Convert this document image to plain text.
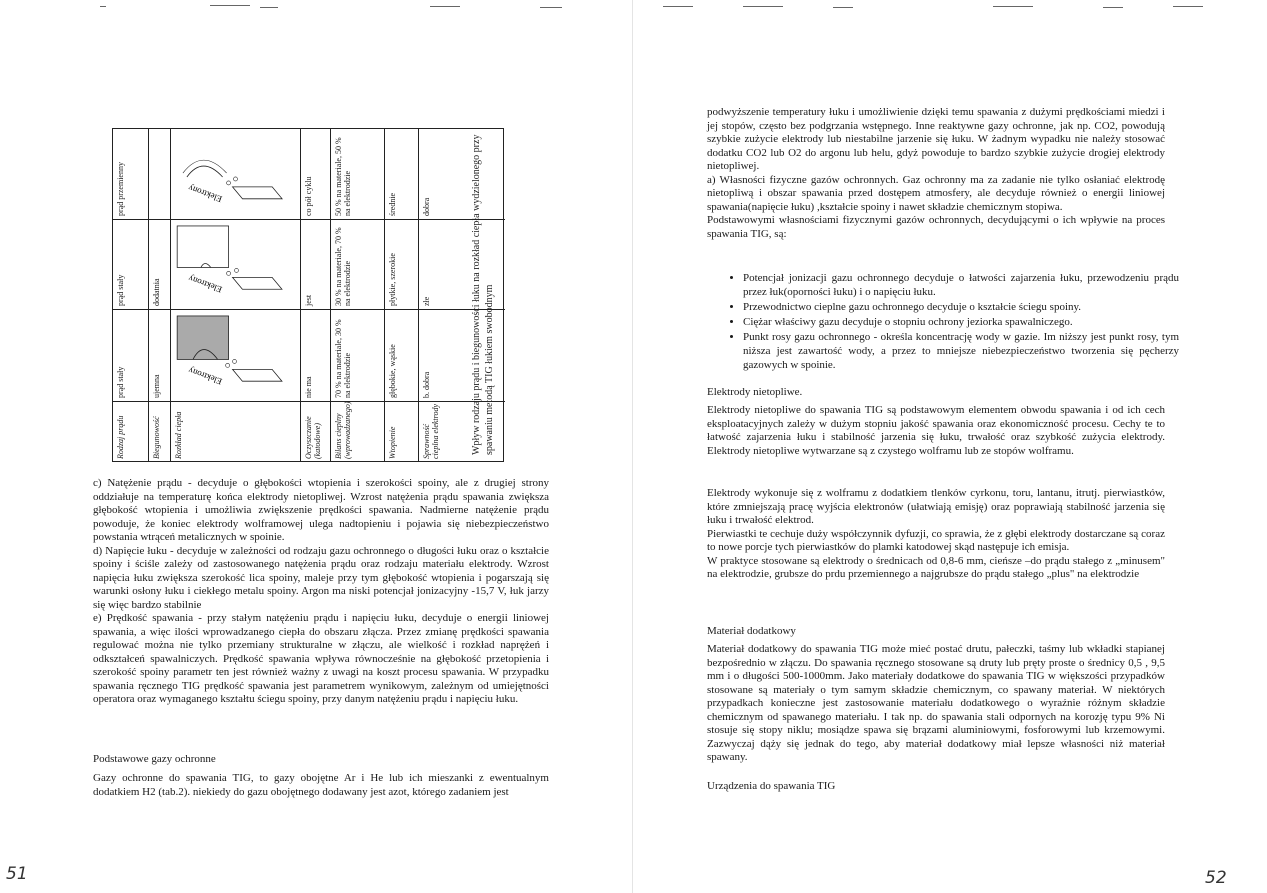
Rodzaj prądu
prąd stały
prąd stały
prąd przemienny
Biegunowość
ujemna
dodatnia
Rozkład ciepła
Elektrony
Elektrony
Elektrony
Oczyszczanie (katodowe)
nie ma
jest
co pół cyklu
Bilans cieplny (wprowadzanego)
70 % na materiale, 30 % na elektrodzie
30 % na materiale, 70 % na elektrodzie
50 % na materiale, 50 % na elektrodzie
Wtopienie
głębokie, wąskie
płytkie, szerokie
średnie
Sprawność cieplna elektrody
b. dobra
złe
dobra	Wpływ rodzaju prądu i biegunowości łuku na rozkład ciepła wydzielonego przy spawaniu metodą TIG łukiem swobodnym

c) Natężenie prądu - decyduje o głębokości wtopienia i szerokości spoiny, ale z drugiej strony oddziałuje na temperaturę końca elektrody nietopliwej. Wzrost natężenia prądu spawania zwiększa głębokość wtopienia i umożliwia zwiększenie prędkości spawania. Nadmierne natężenie prądu powoduje, że koniec elektrody wolframowej ulega nadtopieniu i pojawia się niebezpieczeństwo powstania wtrąceń metalicznych w spoinie.

d) Napięcie łuku - decyduje w zależności od rodzaju gazu ochronnego o długości łuku oraz o kształcie spoiny i ściśle zależy od zastosowanego natężenia prądu oraz rodzaju materiału elektrody. Wzrost napięcia łuku zwiększa szerokość lica spoiny, maleje przy tym głębokość wtopienia i pogarszają się warunki osłony łuku i ciekłego metalu spoiny. Argon ma niski potencjał jonizacyjny -15,7 V, łuk jarzy się więc bardzo stabilnie

e) Prędkość spawania - przy stałym natężeniu prądu i napięciu łuku, decyduje o energii liniowej spawania, a więc ilości wprowadzanego ciepła do obszaru złącza. Przez zmianę prędkości spawania regulować można nie tylko przemiany strukturalne w złączu, ale wielkość i rozkład naprężeń i odkształceń spawalniczych. Prędkość spawania wpływa równocześnie na głębokość przetopienia i szerokość spoiny parametr ten jest również ważny z uwagi na koszt procesu spawania. W przypadku spawania ręcznego TIG prędkość spawania jest parametrem wynikowym, zależnym od umiejętności operatora oraz wymaganego kształtu ściegu spoiny, przy danym natężeniu prądu i napięciu łuku.

Podstawowe gazy ochronne
Gazy ochronne do spawania TIG, to gazy obojętne Ar i He lub ich mieszanki z ewentualnym dodatkiem H2 (tab.2). niekiedy do gazu obojętnego dodawany jest azot, którego zadaniem jest
51

podwyższenie temperatury łuku i umożliwienie dzięki temu spawania z dużymi prędkościami miedzi i jej stopów, często bez podgrzania wstępnego. Inne reaktywne gazy ochronne, jak np. CO2, powodują szybkie zużycie elektrody lub niestabilne jarzenie się łuku. W żadnym wypadku nie należy stosować dodatku CO2 lub O2 do argonu lub helu, gdyż powoduje to bardzo szybkie zużycie drogiej elektrody nietopliwej.

a) Własności fizyczne gazów ochronnych. Gaz ochronny ma za zadanie nie tylko osłaniać elektrodę nietopliwą i obszar spawania przed dostępem atmosfery, ale decyduje również o energii liniowej spawania(napięcie łuku) ,kształcie spoiny i nawet składzie chemicznym stopiwa.

Podstawowymi własnościami fizycznymi gazów ochronnych, decydującymi o ich wpływie na proces spawania TIG, są:

• Potencjał jonizacji gazu ochronnego decyduje o łatwości zajarzenia łuku, przewodzeniu prądu przez łuk(oporności łuku) i o napięciu łuku.
• Przewodnictwo cieplne gazu ochronnego decyduje o kształcie ściegu spoiny.
• Ciężar właściwy gazu decyduje o stopniu ochrony jeziorka spawalniczego.
• Punkt rosy gazu ochronnego - określa koncentrację wody w gazie. Im niższy jest punkt rosy, tym niższa jest zawartość wody, a przez to mniejsze niebezpieczeństwo tworzenia się pęcherzy gazowych w spoinie.
Elektrody nietopliwe.
Elektrody nietopliwe do spawania TIG są podstawowym elementem obwodu spawania i od ich cech eksploatacyjnych zależy w dużym stopniu jakość spawania oraz ekonomiczność procesu. Cechy te to łatwość zajarzenia łuku i stabilność jarzenia się łuku, trwałość oraz szybkość zużycia elektrody. Elektrody nietopliwe wytwarzane są z czystego wolframu lub ze stopów wolframu.

Elektrody wykonuje się z wolframu z dodatkiem tlenków cyrkonu, toru, lantanu, itrutj. pierwiastków, które zmniejszają pracę wyjścia elektronów (ułatwiają emisję) oraz poprawiają stabilność jarzenia się łuku i trwałość elektrod.

Pierwiastki te cechuje duży współczynnik dyfuzji, co sprawia, że z głębi elektrody dostarczane są coraz to nowe porcje tych pierwiastków do plamki katodowej skąd następuje ich emisja.

W praktyce stosowane są elektrody o średnicach od 0,8-6 mm, cieńsze –do prądu stałego z „minusem" na elektrodzie, grubsze do prdu przemiennego a najgrubsze do prądu stałego „plus" na elektrodzie

Materiał dodatkowy
Materiał dodatkowy do spawania TIG może mieć postać drutu, pałeczki, taśmy lub wkładki stapianej bezpośrednio w złączu. Do spawania ręcznego stosowane są druty lub pręty proste o średnicy 0,5 , 9,5 mm i o długości 500-1000mm. Jako materiały dodatkowe do spawania TIG w większości przypadków stosowane są materiały o tym samym składzie chemicznym, co spawany materiał. W niektórych przypadkach konieczne jest zastosowanie materiału dodatkowego o wyraźnie różnym składzie chemicznym od spawanego materiału. I tak np. do spawania stali odpornych na korozję typu 9% Ni stosuje się stopy niklu; mosiądze spawa się brązami aluminiowymi, fosforowymi lub krzemowymi. Zazwyczaj dąży się jednak do tego, aby materiał dodatkowy miał lepsze własności niż materiał spawany.
Urządzenia do spawania TIG
52
